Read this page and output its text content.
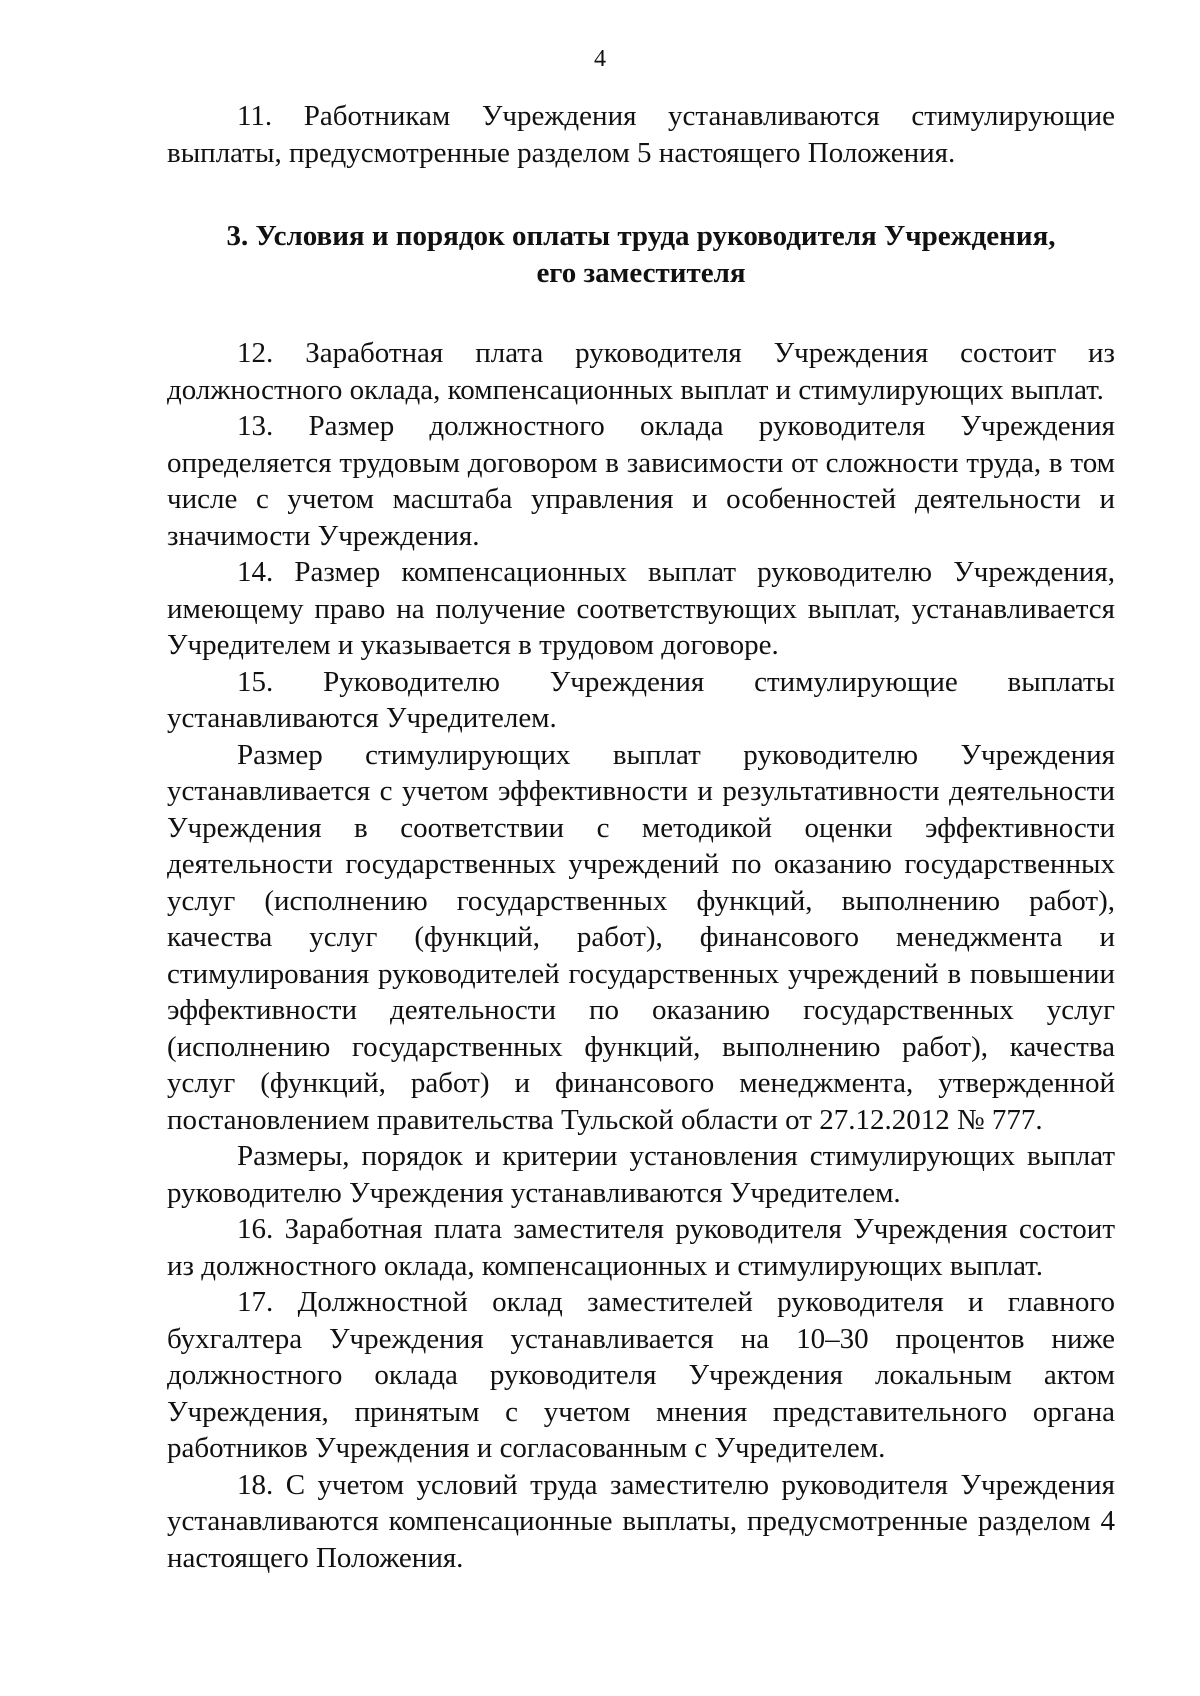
4

11. Работникам Учреждения устанавливаются стимулирующие выплаты, предусмотренные разделом 5 настоящего Положения.

3. Условия и порядок оплаты труда руководителя Учреждения,
его заместителя

12. Заработная плата руководителя Учреждения состоит из должностного оклада, компенсационных выплат и стимулирующих выплат.

13. Размер должностного оклада руководителя Учреждения определяется трудовым договором в зависимости от сложности труда, в том числе с учетом масштаба управления и особенностей деятельности и значимости Учреждения.

14. Размер компенсационных выплат руководителю Учреждения, имеющему право на получение соответствующих выплат, устанавливается Учредителем и указывается в трудовом договоре.

15. Руководителю Учреждения стимулирующие выплаты устанавливаются Учредителем.

Размер стимулирующих выплат руководителю Учреждения устанавливается с учетом эффективности и результативности деятельности Учреждения в соответствии с методикой оценки эффективности деятельности государственных учреждений по оказанию государственных услуг (исполнению государственных функций, выполнению работ), качества услуг (функций, работ), финансового менеджмента и стимулирования руководителей государственных учреждений в повышении эффективности деятельности по оказанию государственных услуг (исполнению государственных функций, выполнению работ), качества услуг (функций, работ) и финансового менеджмента, утвержденной постановлением правительства Тульской области от 27.12.2012 № 777.

Размеры, порядок и критерии установления стимулирующих выплат руководителю Учреждения устанавливаются Учредителем.

16. Заработная плата заместителя руководителя Учреждения состоит из должностного оклада, компенсационных и стимулирующих выплат.

17. Должностной оклад заместителей руководителя и главного бухгалтера Учреждения устанавливается на 10–30 процентов ниже должностного оклада руководителя Учреждения локальным актом Учреждения, принятым с учетом мнения представительного органа работников Учреждения и согласованным с Учредителем.

18. С учетом условий труда заместителю руководителя Учреждения устанавливаются компенсационные выплаты, предусмотренные разделом 4 настоящего Положения.
